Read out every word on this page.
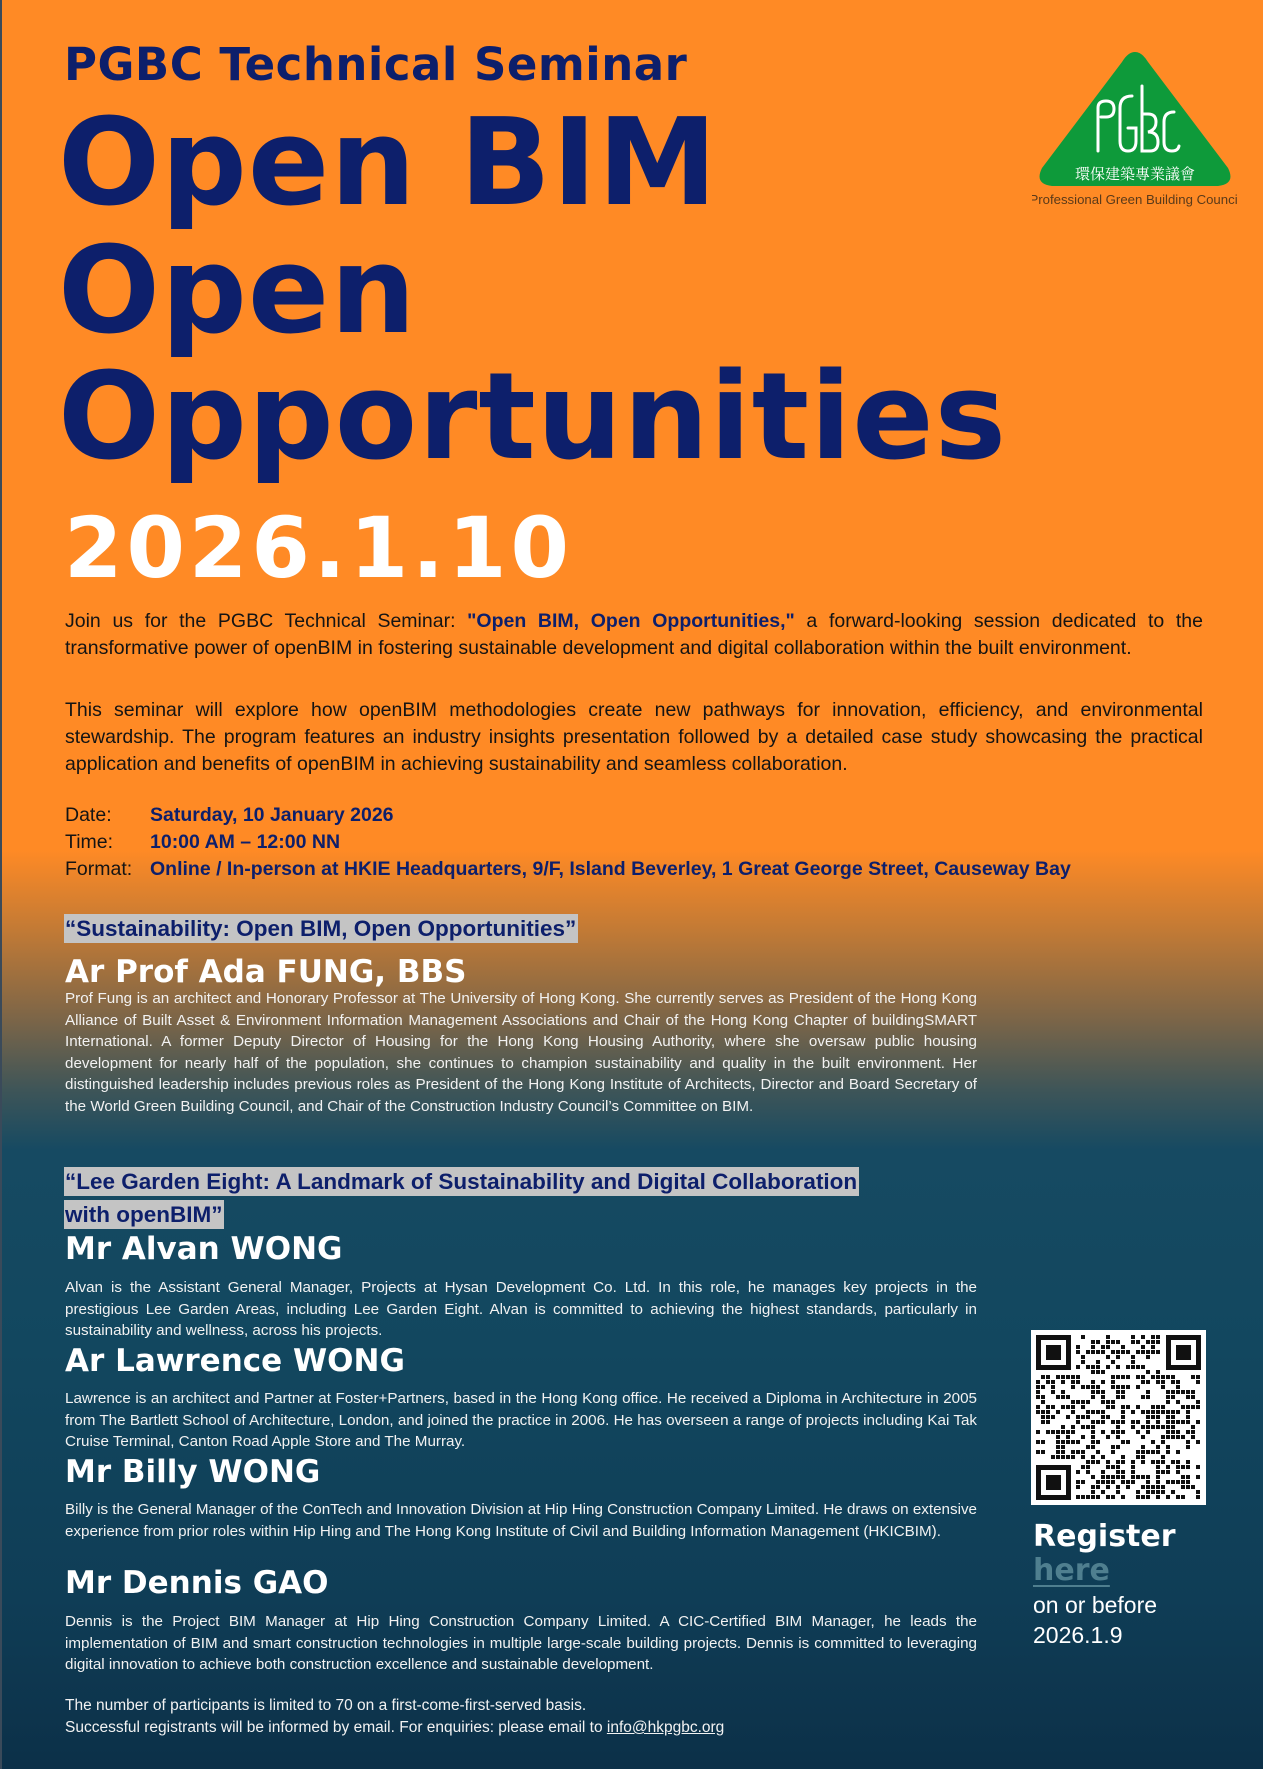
PGBC Technical Seminar
Open BIM
Open
Opportunities
2026.1.10
環保建築專業議會
Professional Green Building Council

Join us for the PGBC Technical Seminar: "Open BIM, Open Opportunities," a forward-looking session dedicated to the transformative power of openBIM in fostering sustainable development and digital collaboration within the built environment.

This seminar will explore how openBIM methodologies create new pathways for innovation, efficiency, and environmental stewardship. The program features an industry insights presentation followed by a detailed case study showcasing the practical application and benefits of openBIM in achieving sustainability and seamless collaboration.

Date: Saturday, 10 January 2026

Time: 10:00 AM – 12:00 NN

Format: Online / In-person at HKIE Headquarters, 9/F, Island Beverley, 1 Great George Street, Causeway Bay

“Sustainability: Open BIM, Open Opportunities”

Ar Prof Ada FUNG, BBS

Prof Fung is an architect and Honorary Professor at The University of Hong Kong. She currently serves as President of the Hong Kong Alliance of Built Asset & Environment Information Management Associations and Chair of the Hong Kong Chapter of buildingSMART International. A former Deputy Director of Housing for the Hong Kong Housing Authority, where she oversaw public housing development for nearly half of the population, she continues to champion sustainability and quality in the built environment. Her distinguished leadership includes previous roles as President of the Hong Kong Institute of Architects, Director and Board Secretary of the World Green Building Council, and Chair of the Construction Industry Council’s Committee on BIM.

“Lee Garden Eight: A Landmark of Sustainability and Digital Collaboration
with openBIM”

Mr Alvan WONG

Alvan is the Assistant General Manager, Projects at Hysan Development Co. Ltd. In this role, he manages key projects in the prestigious Lee Garden Areas, including Lee Garden Eight. Alvan is committed to achieving the highest standards, particularly in sustainability and wellness, across his projects.

Ar Lawrence WONG

Lawrence is an architect and Partner at Foster+Partners, based in the Hong Kong office. He received a Diploma in Architecture in 2005 from The Bartlett School of Architecture, London, and joined the practice in 2006. He has overseen a range of projects including Kai Tak Cruise Terminal, Canton Road Apple Store and The Murray.

Mr Billy WONG

Billy is the General Manager of the ConTech and Innovation Division at Hip Hing Construction Company Limited. He draws on extensive experience from prior roles within Hip Hing and The Hong Kong Institute of Civil and Building Information Management (HKICBIM).

Mr Dennis GAO

Dennis is the Project BIM Manager at Hip Hing Construction Company Limited. A CIC-Certified BIM Manager, he leads the implementation of BIM and smart construction technologies in multiple large-scale building projects. Dennis is committed to leveraging digital innovation to achieve both construction excellence and sustainable development.

The number of participants is limited to 70 on a first-come-first-served basis.

Successful registrants will be informed by email. For enquiries: please email to info@hkpgbc.org

Register
here
on or before
2026.1.9
